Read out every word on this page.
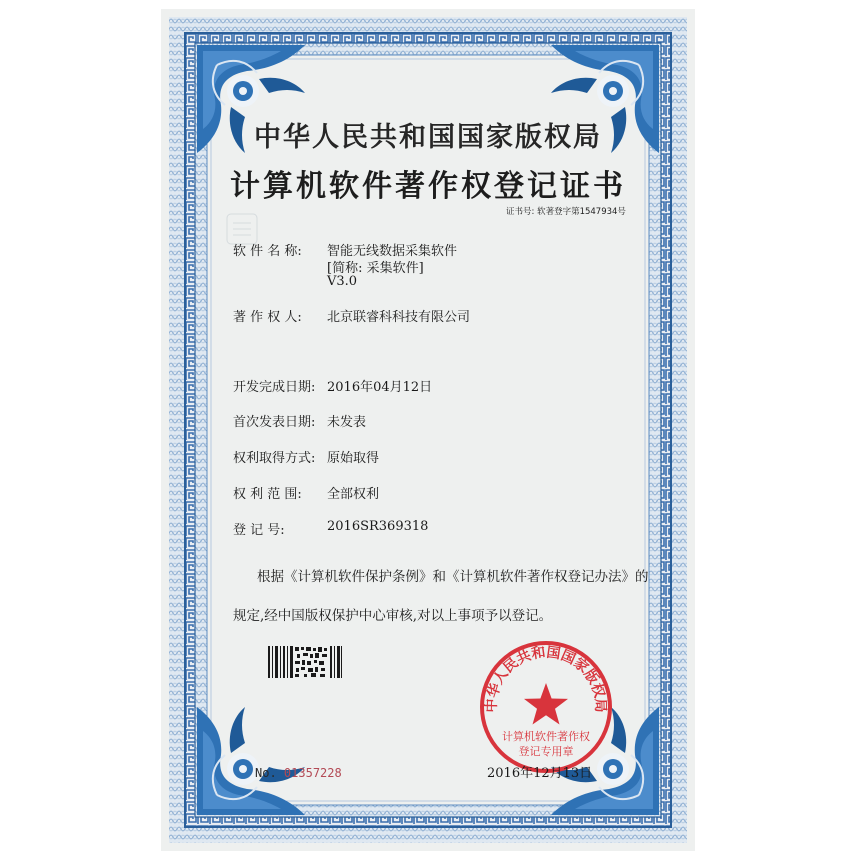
中华人民共和国国家版权局
计算机软件著作权登记证书
证书号: 软著登字第1547934号
软 件 名 称: 智能无线数据采集软件
[简称: 采集软件]
V3.0
著 作 权 人: 北京联睿科科技有限公司
开发完成日期: 2016年04月12日
首次发表日期: 未发表
权利取得方式: 原始取得
权 利 范 围: 全部权利
登 记 号:	2016SR369318
根据《计算机软件保护条例》和《计算机软件著作权登记办法》的
规定,经中国版权保护中心审核,对以上事项予以登记。
中华人民共和国国家版权局
计算机软件著作权
登记专用章
No. 01357228	2016年12月13日
